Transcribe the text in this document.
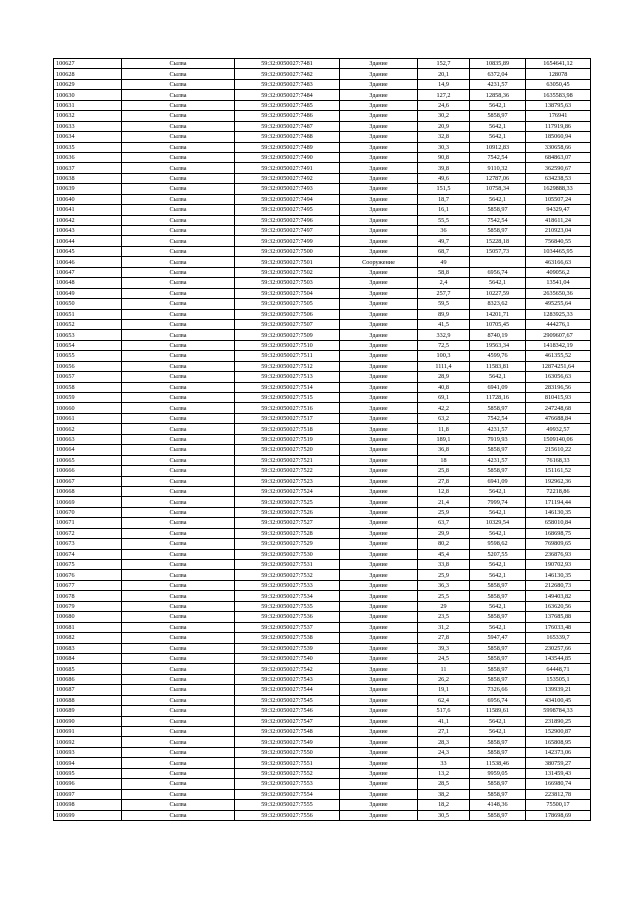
100627	Сылва	59:32:0050027:7481	Здание	152,7	10835,89	1654641,12
100628	Сылва	59:32:0050027:7482	Здание	20,1	6372,04	128078
100629	Сылва	59:32:0050027:7483	Здание	14,9	4231,57	63050,45
100630	Сылва	59:32:0050027:7484	Здание	127,2	12858,36	1635583,98
100631	Сылва	59:32:0050027:7485	Здание	24,6	5642,1	138795,63
100632	Сылва	59:32:0050027:7486	Здание	30,2	5858,97	176941
100633	Сылва	59:32:0050027:7487	Здание	20,9	5642,1	117919,86
100634	Сылва	59:32:0050027:7488	Здание	32,8	5642,1	185060,94
100635	Сылва	59:32:0050027:7489	Здание	30,3	10912,83	330658,66
100636	Сылва	59:32:0050027:7490	Здание	90,8	7542,54	684863,07
100637	Сылва	59:32:0050027:7491	Здание	39,8	9110,32	362590,67
100638	Сылва	59:32:0050027:7492	Здание	49,6	12787,06	634238,53
100639	Сылва	59:32:0050027:7493	Здание	151,5	10758,34	1629888,33
100640	Сылва	59:32:0050027:7494	Здание	18,7	5642,1	105507,24
100641	Сылва	59:32:0050027:7495	Здание	16,1	5858,97	94329,47
100642	Сылва	59:32:0050027:7496	Здание	55,5	7542,54	418611,24
100643	Сылва	59:32:0050027:7497	Здание	36	5858,97	210923,04
100644	Сылва	59:32:0050027:7499	Здание	49,7	15228,18	756840,55
100645	Сылва	59:32:0050027:7500	Здание	68,7	15057,73	1034465,95
100646	Сылва	59:32:0050027:7501	Сооружение	49		463166,63
100647	Сылва	59:32:0050027:7502	Здание	58,8	6956,74	409056,2
100648	Сылва	59:32:0050027:7503	Здание	2,4	5642,1	13541,04
100649	Сылва	59:32:0050027:7504	Здание	257,7	10227,59	2635650,36
100650	Сылва	59:32:0050027:7505	Здание	59,5	8323,62	495255,64
100651	Сылва	59:32:0050027:7506	Здание	89,9	14201,71	1283925,33
100652	Сылва	59:32:0050027:7507	Здание	41,5	10705,45	444276,1
100653	Сылва	59:32:0050027:7509	Здание	332,9	8740,19	2909607,67
100654	Сылва	59:32:0050027:7510	Здание	72,5	19563,34	1418342,19
100655	Сылва	59:32:0050027:7511	Здание	100,3	4599,76	461355,52
100656	Сылва	59:32:0050027:7512	Здание	1111,4	11583,81	12874251,64
100657	Сылва	59:32:0050027:7513	Здание	28,9	5642,1	163056,63
100658	Сылва	59:32:0050027:7514	Здание	40,8	6941,09	283196,56
100659	Сылва	59:32:0050027:7515	Здание	69,1	11728,16	810415,93
100660	Сылва	59:32:0050027:7516	Здание	42,2	5858,97	247248,68
100661	Сылва	59:32:0050027:7517	Здание	63,2	7542,54	476688,84
100662	Сылва	59:32:0050027:7518	Здание	11,8	4231,57	49932,57
100663	Сылва	59:32:0050027:7519	Здание	189,1	7919,93	1509140,06
100664	Сылва	59:32:0050027:7520	Здание	36,8	5858,97	215610,22
100665	Сылва	59:32:0050027:7521	Здание	18	4231,57	76168,33
100666	Сылва	59:32:0050027:7522	Здание	25,8	5858,97	151161,52
100667	Сылва	59:32:0050027:7523	Здание	27,8	6941,09	192962,36
100668	Сылва	59:32:0050027:7524	Здание	12,8	5642,1	72218,86
100669	Сылва	59:32:0050027:7525	Здание	21,4	7999,74	171194,44
100670	Сылва	59:32:0050027:7526	Здание	25,9	5642,1	146130,35
100671	Сылва	59:32:0050027:7527	Здание	63,7	10329,54	658010,84
100672	Сылва	59:32:0050027:7528	Здание	29,9	5642,1	168698,75
100673	Сылва	59:32:0050027:7529	Здание	80,2	9598,62	769809,65
100674	Сылва	59:32:0050027:7530	Здание	45,4	5207,55	236876,93
100675	Сылва	59:32:0050027:7531	Здание	33,8	5642,1	190702,93
100676	Сылва	59:32:0050027:7532	Здание	25,9	5642,1	146130,35
100677	Сылва	59:32:0050027:7533	Здание	36,3	5858,97	212680,73
100678	Сылва	59:32:0050027:7534	Здание	25,5	5858,97	149403,82
100679	Сылва	59:32:0050027:7535	Здание	29	5642,1	163620,56
100680	Сылва	59:32:0050027:7536	Здание	23,5	5858,97	137685,88
100681	Сылва	59:32:0050027:7537	Здание	31,2	5642,1	176033,48
100682	Сылва	59:32:0050027:7538	Здание	27,8	5947,47	165339,7
100683	Сылва	59:32:0050027:7539	Здание	39,3	5858,97	230257,66
100684	Сылва	59:32:0050027:7540	Здание	24,5	5858,97	143544,85
100685	Сылва	59:32:0050027:7542	Здание	11	5858,97	64448,71
100686	Сылва	59:32:0050027:7543	Здание	26,2	5858,97	153505,1
100687	Сылва	59:32:0050027:7544	Здание	19,1	7326,66	139939,21
100688	Сылва	59:32:0050027:7545	Здание	62,4	6956,74	434100,45
100689	Сылва	59:32:0050027:7546	Здание	517,6	11589,61	5998784,33
100690	Сылва	59:32:0050027:7547	Здание	41,1	5642,1	231890,25
100691	Сылва	59:32:0050027:7548	Здание	27,1	5642,1	152900,87
100692	Сылва	59:32:0050027:7549	Здание	28,3	5858,97	165808,95
100693	Сылва	59:32:0050027:7550	Здание	24,3	5858,97	142373,06
100694	Сылва	59:32:0050027:7551	Здание	33	11538,46	380759,27
100695	Сылва	59:32:0050027:7552	Здание	13,2	9959,05	131459,43
100696	Сылва	59:32:0050027:7553	Здание	28,5	5858,97	166980,74
100697	Сылва	59:32:0050027:7554	Здание	38,2	5858,97	223812,78
100698	Сылва	59:32:0050027:7555	Здание	18,2	4148,36	75500,17
100699	Сылва	59:32:0050027:7556	Здание	30,5	5858,97	178698,69
